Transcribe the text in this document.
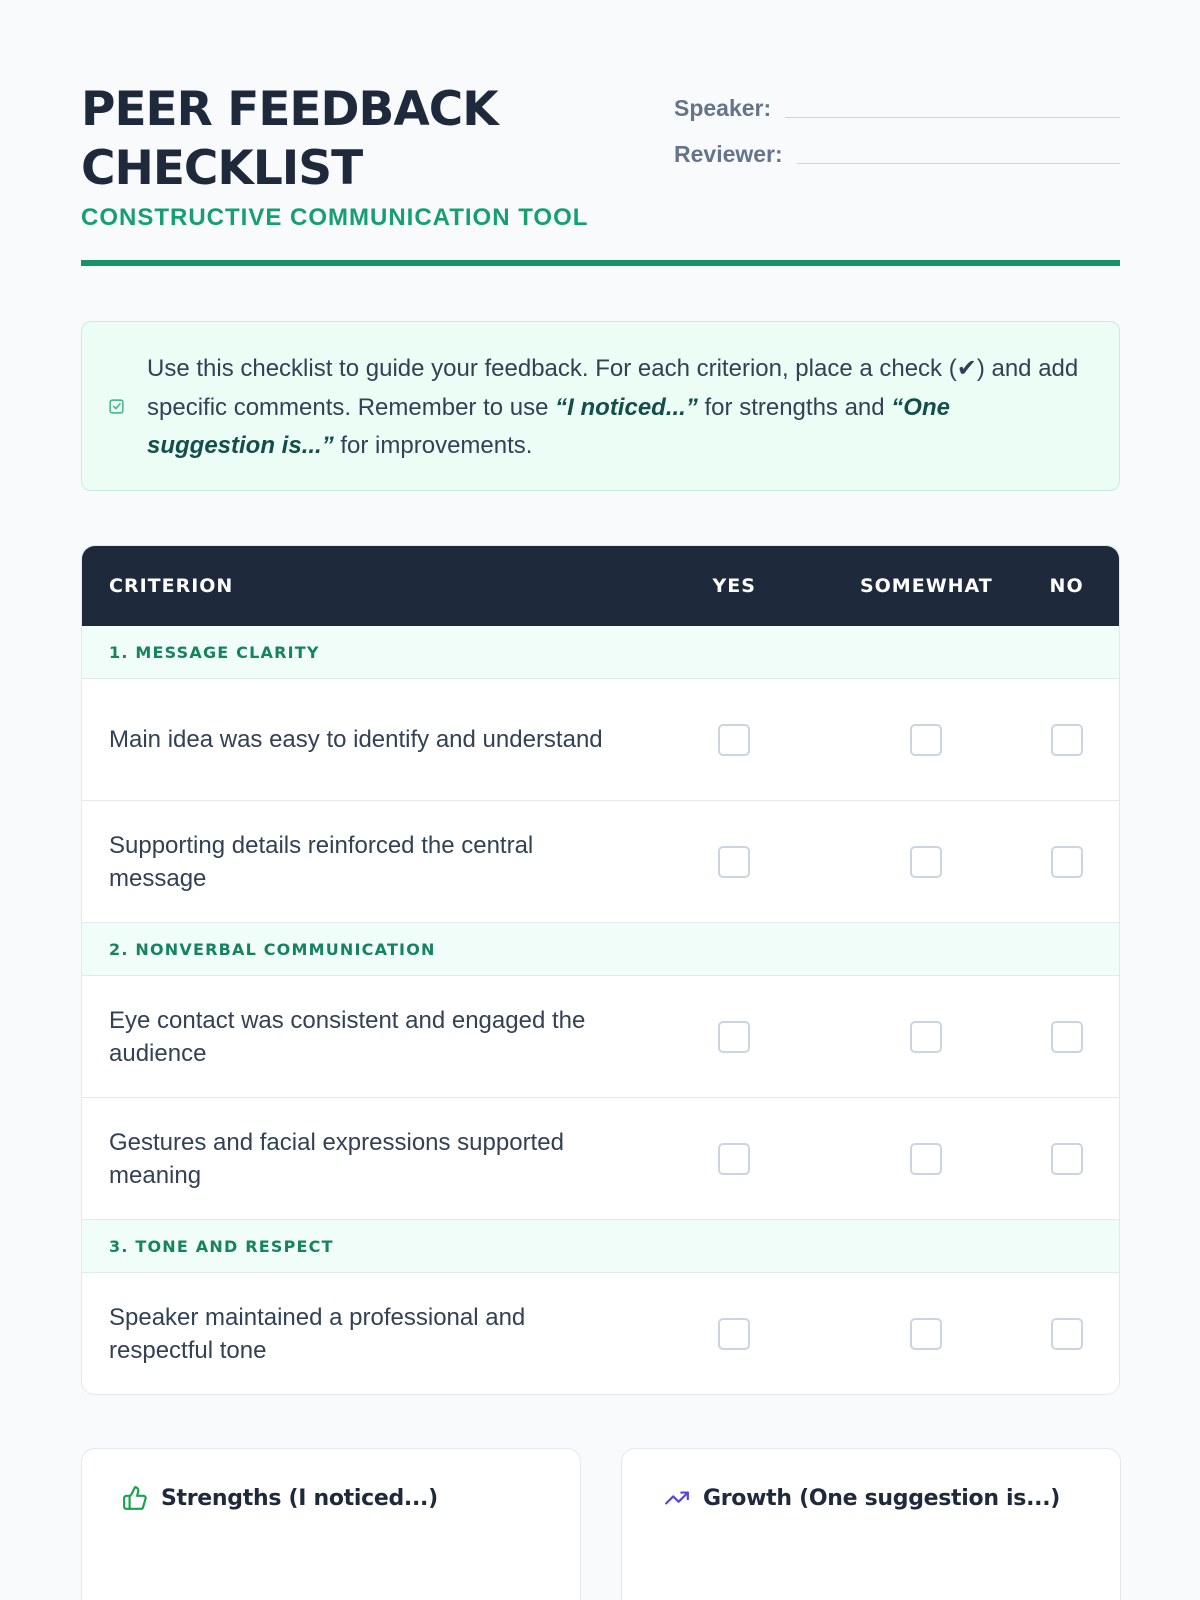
PEER FEEDBACK
CHECKLIST
CONSTRUCTIVE COMMUNICATION TOOL
Speaker:
Reviewer:

Use this checklist to guide your feedback. For each criterion, place a check (✔) and add specific comments. Remember to use “I noticed...” for strengths and “One suggestion is...” for improvements.

CRITERION	YES	SOMEWHAT	NO
1. MESSAGE CLARITY
Main idea was easy to identify and understand
Supporting details reinforced the central message
2. NONVERBAL COMMUNICATION
Eye contact was consistent and engaged the audience
Gestures and facial expressions supported meaning
3. TONE AND RESPECT
Speaker maintained a professional and respectful tone
Strengths (I noticed...)	Growth (One suggestion is...)
